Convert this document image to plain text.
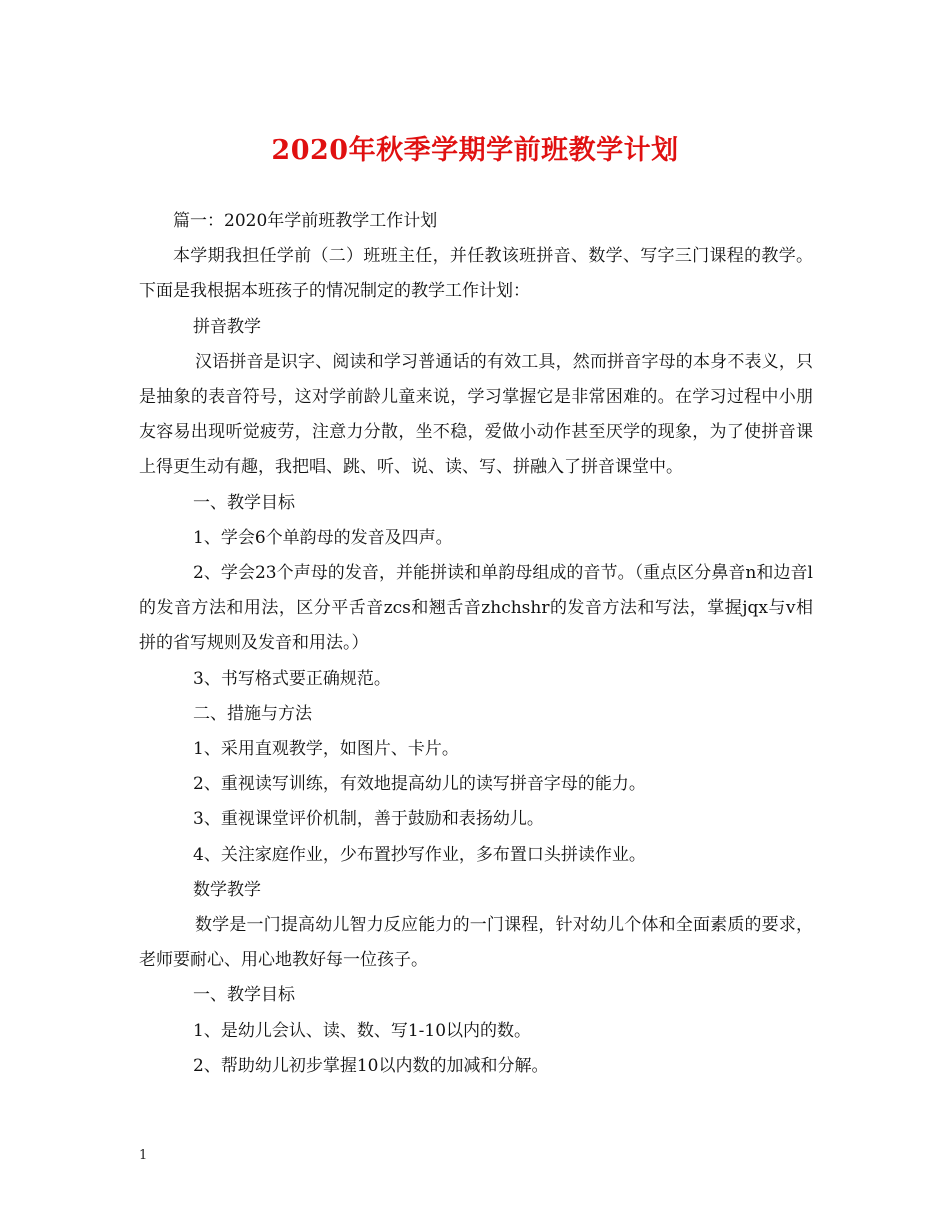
2020年秋季学期学前班教学计划

篇一：2020年学前班教学工作计划

本学期我担任学前（二）班班主任，并任教该班拼音、数学、写字三门课程的教学。下面是我根据本班孩子的情况制定的教学工作计划：

拼音教学

汉语拼音是识字、阅读和学习普通话的有效工具，然而拼音字母的本身不表义，只是抽象的表音符号，这对学前龄儿童来说，学习掌握它是非常困难的。在学习过程中小朋友容易出现听觉疲劳，注意力分散，坐不稳，爱做小动作甚至厌学的现象，为了使拼音课上得更生动有趣，我把唱、跳、听、说、读、写、拼融入了拼音课堂中。

一、教学目标

1、学会6个单韵母的发音及四声。

2、学会23个声母的发音，并能拼读和单韵母组成的音节。（重点区分鼻音n和边音l的发音方法和用法，区分平舌音zcs和翘舌音zhchshr的发音方法和写法，掌握jqx与v相拼的省写规则及发音和用法。）

3、书写格式要正确规范。

二、措施与方法

1、采用直观教学，如图片、卡片。

2、重视读写训练，有效地提高幼儿的读写拼音字母的能力。

3、重视课堂评价机制，善于鼓励和表扬幼儿。

4、关注家庭作业，少布置抄写作业，多布置口头拼读作业。

数学教学

数学是一门提高幼儿智力反应能力的一门课程，针对幼儿个体和全面素质的要求，老师要耐心、用心地教好每一位孩子。

一、教学目标

1、是幼儿会认、读、数、写1-10以内的数。

2、帮助幼儿初步掌握10以内数的加减和分解。

1
